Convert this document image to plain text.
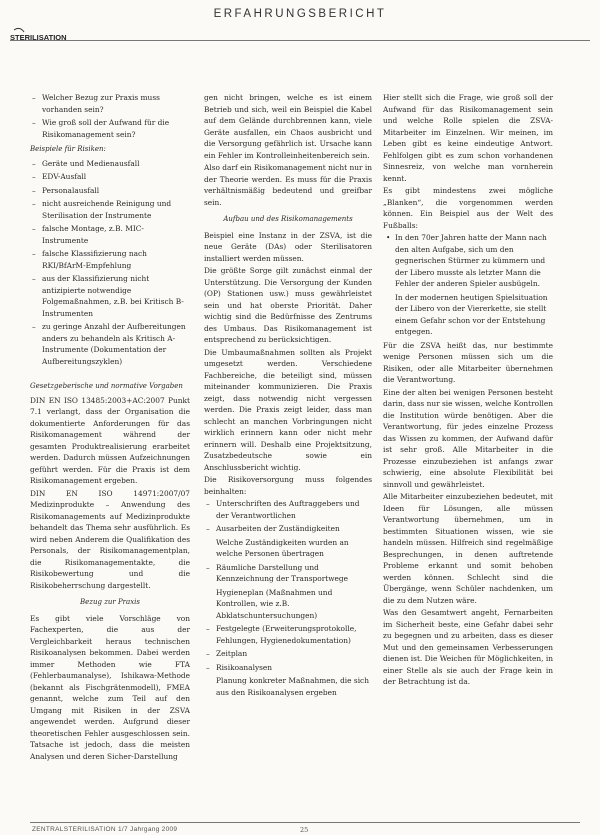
ERFAHRUNGSBERICHT
STERILISATION
– Welcher Bezug zur Praxis muss vorhanden sein?
– Wie groß soll der Aufwand für die Risikomanagement sein?

Beispiele für Risiken:

– Geräte und Medienausfall
– EDV-Ausfall
– Personalausfall
– nicht ausreichende Reinigung und Sterilisation der Instrumente
– falsche Montage, z.B. MIC-Instrumente
– falsche Klassifizierung nach RKI/BfArM-Empfehlung
– aus der Klassifizierung nicht antizipierte notwendige Folgemaßnahmen, z.B. bei Kritisch B-Instrumenten
– zu geringe Anzahl der Aufbereitungen anders zu behandeln als Kritisch A-Instrumente (Dokumentation der Aufbereitungszyklen)

Gesetzgeberische und normative Vorgaben

DIN EN ISO 13485:2003+AC:2007 Punkt 7.1 verlangt, dass der Organisation die dokumentierte Anforderungen für das Risikomanagement während der gesamten Produktrealisierung erarbeitet werden. Dadurch müssen Aufzeichnungen geführt werden. Für die Praxis ist dem Risikomanagement ergeben.

DIN EN ISO 14971:2007/07 Medizinprodukte – Anwendung des Risikomanagements auf Medizinprodukte behandelt das Thema sehr ausführlich. Es wird neben Anderem die Qualifikation des Personals, der Risikomanagementplan, die Risikomanagementakte, die Risikobewertung und die Risikobeherrschung dargestellt.

Bezug zur Praxis

Es gibt viele Vorschläge von Fachexperten, die aus der Vergleichbarkeit heraus technischen Risikoanalysen bekommen. Dabei werden immer Methoden wie FTA (Fehlerbaumanalyse), Ishikawa-Methode (bekannt als Fischgrätenmodell), FMEA genannt, welche zum Teil auf den Umgang mit Risiken in der ZSVA angewendet werden. Aufgrund dieser theoretischen Fehler ausgeschlossen sein. Tatsache ist jedoch, dass die meisten Analysen und deren Sicher-Darstellung

gen nicht bringen, welche es ist einem Betrieb und sich, weil ein Beispiel die Kabel auf dem Gelände durchbrennen kann, viele Geräte ausfallen, ein Chaos ausbricht und die Versorgung gefährlich ist. Ursache kann ein Fehler im Kontrolleinheitenbereich sein.

Also darf ein Risikomanagement nicht nur in der Theorie werden. Es muss für die Praxis verhältnismäßig bedeutend und greifbar sein.

Aufbau und des Risikomanagements

Beispiel eine Instanz in der ZSVA, ist die neue Geräte (DAs) oder Sterilisatoren installiert werden müssen.

Die größte Sorge gilt zunächst einmal der Unterstützung. Die Versorgung der Kunden (OP) Stationen usw.) muss gewährleistet sein und hat oberste Priorität. Daher wichtig sind die Bedürfnisse des Zentrums des Umbaus. Das Risikomanagement ist entsprechend zu berücksichtigen.

Die Umbaumaßnahmen sollten als Projekt umgesetzt werden. Verschiedene Fachbereiche, die beteiligt sind, müssen miteinander kommunizieren. Die Praxis zeigt, dass notwendig nicht vergessen werden. Die Praxis zeigt leider, dass man schlecht an manchen Vorbringungen nicht wirklich erinnern kann oder nicht mehr erinnern will. Deshalb eine Projektsitzung, Zusatzbedeutsche sowie ein Anschlussbericht wichtig.

Die Risikoversorgung muss folgendes beinhalten:

– Unterschriften des Auftraggebers und der Verantwortlichen
– Ausarbeiten der Zuständigkeiten

Welche Zuständigkeiten wurden an welche Personen übertragen

– Räumliche Darstellung und Kennzeichnung der Transportwege

Hygieneplan (Maßnahmen und Kontrollen, wie z.B. Abklatschuntersuchungen)

– Festgelegte (Erweiterungsprotokolle, Fehlungen, Hygienedokumentation)
– Zeitplan
– Risikoanalysen

Planung konkreter Maßnahmen, die sich aus den Risikoanalysen ergeben

Hier stellt sich die Frage, wie groß soll der Aufwand für das Risikomanagement sein und welche Rolle spielen die ZSVA-Mitarbeiter im Einzelnen. Wir meinen, im Leben gibt es keine eindeutige Antwort. Fehlfolgen gibt es zum schon vorhandenen Sinnesreiz, von welche man vornherein kennt.

Es gibt mindestens zwei mögliche „Blanken“, die vorgenommen werden können. Ein Beispiel aus der Welt des Fußballs:

• In den 70er Jahren hatte der Mann nach den alten Aufgabe, sich um den gegnerischen Stürmer zu kümmern und der Libero musste als letzter Mann die Fehler der anderen Spieler ausbügeln.

In der modernen heutigen Spielsituation der Libero von der Viererkette, sie stellt einem Gefahr schon vor der Entstehung entgegen.

Für die ZSVA heißt das, nur bestimmte wenige Personen müssen sich um die Risiken, oder alle Mitarbeiter übernehmen die Verantwortung.

Eine der alten bei wenigen Personen besteht darin, dass nur sie wissen, welche Kontrollen die Institution würde benötigen. Aber die Verantwortung, für jedes einzelne Prozess das Wissen zu kommen, der Aufwand dafür ist sehr groß. Alle Mitarbeiter in die Prozesse einzubeziehen ist anfangs zwar schwierig, eine absolute Flexibilität bei sinnvoll und gewährleistet.

Alle Mitarbeiter einzubeziehen bedeutet, mit Ideen für Lösungen, alle müssen Verantwortung übernehmen, um in bestimmten Situationen wissen, wie sie handeln müssen. Hilfreich sind regelmäßige Besprechungen, in denen auftretende Probleme erkannt und somit behoben werden können. Schlecht sind die Übergänge, wenn Schüler nachdenken, um die zu dem Nutzen wäre.

Was den Gesamtwert angeht, Fernarbeiten im Sicherheit beste, eine Gefahr dabei sehr zu begegnen und zu arbeiten, dass es dieser Mut und den gemeinsamen Verbesserungen dienen ist. Die Weichen für Möglichkeiten, in einer Stelle als sie auch der Frage kein in der Betrachtung ist da.

ZENTRALSTERILISATION 1/7 Jahrgang 2009	25
